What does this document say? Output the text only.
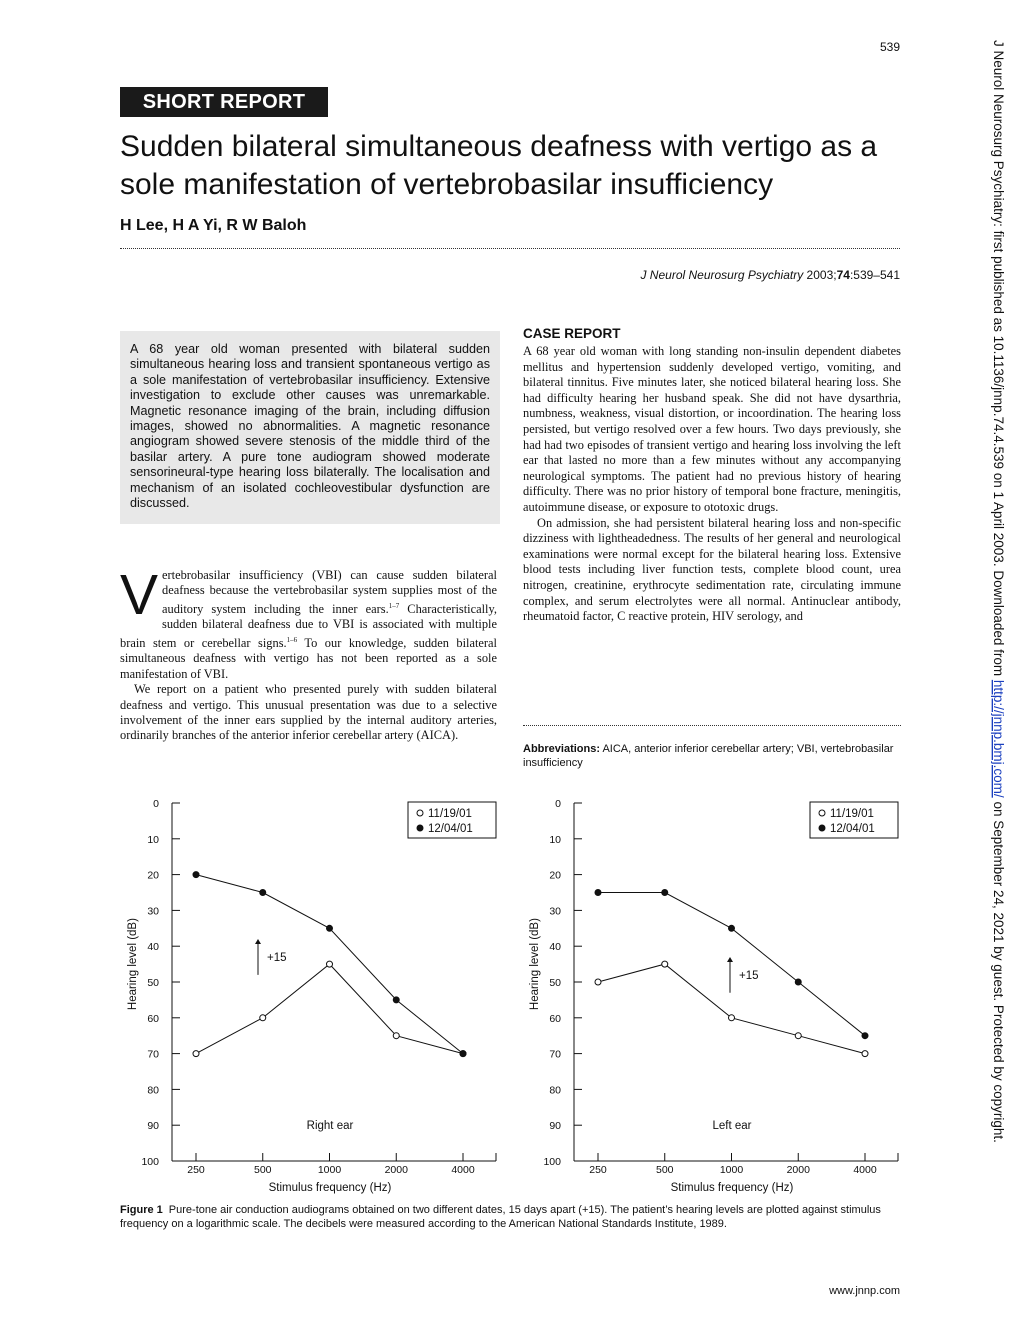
539	J Neurol Neurosurg Psychiatry: first published as 10.1136/jnnp.74.4.539 on 1 April 2003. Downloaded from http://jnnp.bmj.com/ on September 24, 2021 by guest. Protected by copyright.
SHORT REPORT
Sudden bilateral simultaneous deafness with vertigo as a sole manifestation of vertebrobasilar insufficiency
H Lee, H A Yi, R W Baloh
J Neurol Neurosurg Psychiatry 2003;74:539–541

A 68 year old woman presented with bilateral sudden simultaneous hearing loss and transient spontaneous vertigo as a sole manifestation of vertebrobasilar insufficiency. Extensive investigation to exclude other causes was unremarkable. Magnetic resonance imaging of the brain, including diffusion images, showed no abnormalities. A magnetic resonance angiogram showed severe stenosis of the middle third of the basilar artery. A pure tone audiogram showed moderate sensorineural-type hearing loss bilaterally. The localisation and mechanism of an isolated cochleovestibular dysfunction are discussed.

Vertebrobasilar insufficiency (VBI) can cause sudden bilateral deafness because the vertebrobasilar system supplies most of the auditory system including the inner ears.$^{1-7}$ Characteristically, sudden bilateral deafness due to VBI is associated with multiple brain stem or cerebellar signs.$^{1-6}$ To our knowledge, sudden bilateral simultaneous deafness with vertigo has not been reported as a sole manifestation of VBI.

We report on a patient who presented purely with sudden bilateral deafness and vertigo. This unusual presentation was due to a selective involvement of the inner ears supplied by the internal auditory arteries, ordinarily branches of the anterior inferior cerebellar artery (AICA).

CASE REPORT

A 68 year old woman with long standing non-insulin dependent diabetes mellitus and hypertension suddenly developed vertigo, vomiting, and bilateral tinnitus. Five minutes later, she noticed bilateral hearing loss. She had difficulty hearing her husband speak. She did not have dysarthria, numbness, weakness, visual distortion, or incoordination. The hearing loss persisted, but vertigo resolved over a few hours. Two days previously, she had had two episodes of transient vertigo and hearing loss involving the left ear that lasted no more than a few minutes without any accompanying neurological symptoms. The patient had no previous history of hearing difficulty. There was no prior history of temporal bone fracture, meningitis, autoimmune disease, or exposure to ototoxic drugs.

On admission, she had persistent bilateral hearing loss and non-specific dizziness with lightheadedness. The results of her general and neurological examinations were normal except for the bilateral hearing loss. Extensive blood tests including liver function tests, complete blood count, urea nitrogen, creatinine, erythrocyte sedimentation rate, circulating immune complex, and serum electrolytes were all normal. Antinuclear antibody, rheumatoid factor, C reactive protein, HIV serology, and

Abbreviations: AICA, anterior inferior cerebellar artery; VBI, vertebrobasilar insufficiency
0
10
20
30
40
50
60
70
80
90
100
250	500	1000	2000	4000
Stimulus frequency (Hz)
Hearing level (dB)
Right ear
+15
11/19/01
12/04/01
0
10
20
30
40
50
60
70
80
90
100
250	500	1000	2000	4000
Stimulus frequency (Hz)
Hearing level (dB)
Left ear
+15
11/19/01
12/04/01
Figure 1 Pure-tone air conduction audiograms obtained on two different dates, 15 days apart (+15). The patient’s hearing levels are plotted against stimulus frequency on a logarithmic scale. The decibels were measured according to the American National Standards Institute, 1989.
www.jnnp.com
